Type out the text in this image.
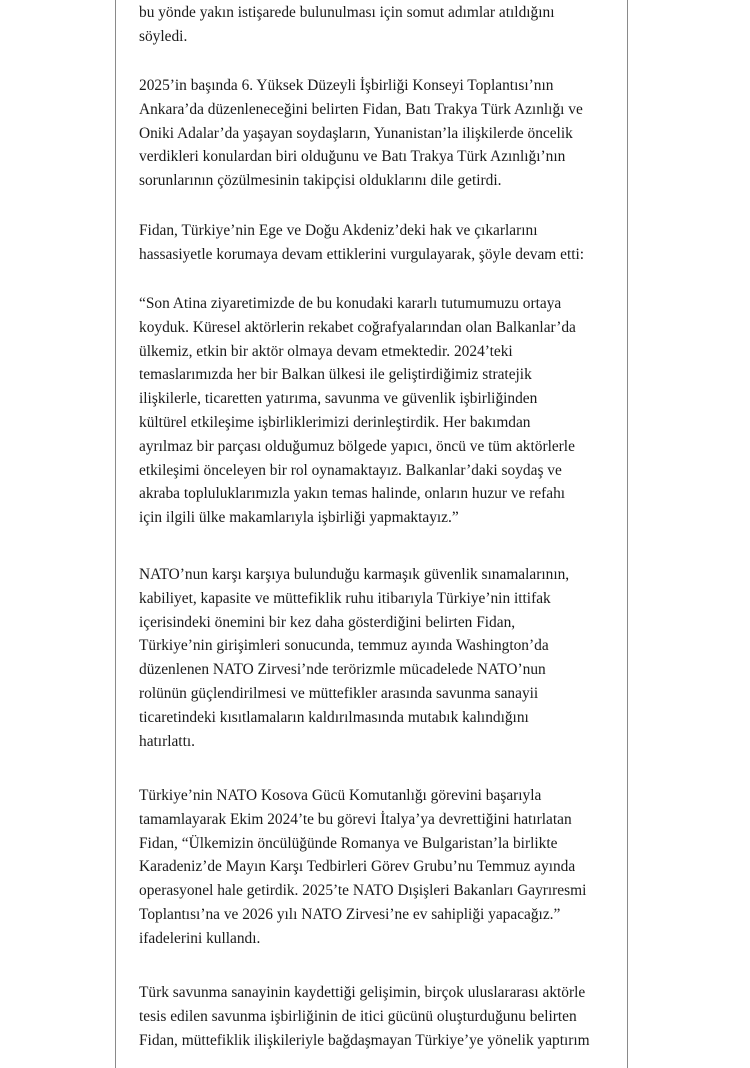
bu yönde yakın istişarede bulunulması için somut adımlar atıldığını
söyledi.
2025’in başında 6. Yüksek Düzeyli İşbirliği Konseyi Toplantısı’nın
Ankara’da düzenleneceğini belirten Fidan, Batı Trakya Türk Azınlığı ve
Oniki Adalar’da yaşayan soydaşların, Yunanistan’la ilişkilerde öncelik
verdikleri konulardan biri olduğunu ve Batı Trakya Türk Azınlığı’nın
sorunlarının çözülmesinin takipçisi olduklarını dile getirdi.
Fidan, Türkiye’nin Ege ve Doğu Akdeniz’deki hak ve çıkarlarını
hassasiyetle korumaya devam ettiklerini vurgulayarak, şöyle devam etti:
“Son Atina ziyaretimizde de bu konudaki kararlı tutumumuzu ortaya
koyduk. Küresel aktörlerin rekabet coğrafyalarından olan Balkanlar’da
ülkemiz, etkin bir aktör olmaya devam etmektedir. 2024’teki
temaslarımızda her bir Balkan ülkesi ile geliştirdiğimiz stratejik
ilişkilerle, ticaretten yatırıma, savunma ve güvenlik işbirliğinden
kültürel etkileşime işbirliklerimizi derinleştirdik. Her bakımdan
ayrılmaz bir parçası olduğumuz bölgede yapıcı, öncü ve tüm aktörlerle
etkileşimi önceleyen bir rol oynamaktayız. Balkanlar’daki soydaş ve
akraba topluluklarımızla yakın temas halinde, onların huzur ve refahı
için ilgili ülke makamlarıyla işbirliği yapmaktayız.”
NATO’nun karşı karşıya bulunduğu karmaşık güvenlik sınamalarının,
kabiliyet, kapasite ve müttefiklik ruhu itibarıyla Türkiye’nin ittifak
içerisindeki önemini bir kez daha gösterdiğini belirten Fidan,
Türkiye’nin girişimleri sonucunda, temmuz ayında Washington’da
düzenlenen NATO Zirvesi’nde terörizmle mücadelede NATO’nun
rolünün güçlendirilmesi ve müttefikler arasında savunma sanayii
ticaretindeki kısıtlamaların kaldırılmasında mutabık kalındığını
hatırlattı.
Türkiye’nin NATO Kosova Gücü Komutanlığı görevini başarıyla
tamamlayarak Ekim 2024’te bu görevi İtalya’ya devrettiğini hatırlatan
Fidan, “Ülkemizin öncülüğünde Romanya ve Bulgaristan’la birlikte
Karadeniz’de Mayın Karşı Tedbirleri Görev Grubu’nu Temmuz ayında
operasyonel hale getirdik. 2025’te NATO Dışişleri Bakanları Gayrıresmi
Toplantısı’na ve 2026 yılı NATO Zirvesi’ne ev sahipliği yapacağız.”
ifadelerini kullandı.
Türk savunma sanayinin kaydettiği gelişimin, birçok uluslararası aktörle
tesis edilen savunma işbirliğinin de itici gücünü oluşturduğunu belirten
Fidan, müttefiklik ilişkileriyle bağdaşmayan Türkiye’ye yönelik yaptırım
